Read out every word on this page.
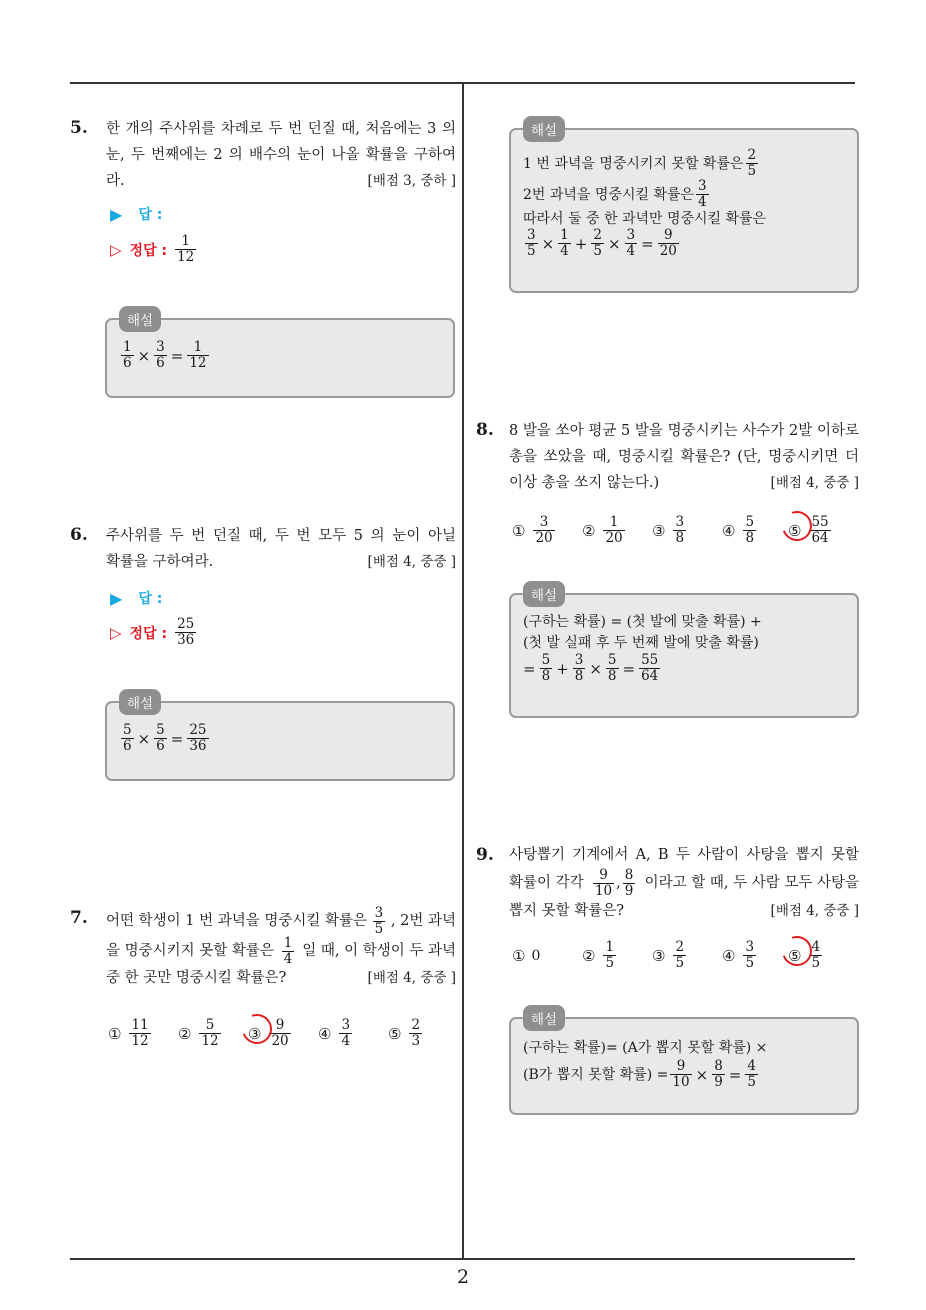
2
5. 한 개의 주사위를 차례로 두 번 던질 때, 처음에는 3 의
눈, 두 번째에는 2 의 배수의 눈이 나올 확률을 구하여
라.	[배점 3, 중하 ]
▶ 답 :
▷ 정답 : $\frac{1}{12}$
해설
$\frac{1}{6} \times \frac{3}{6} = \frac{1}{12}$
6. 주사위를 두 번 던질 때, 두 번 모두 5 의 눈이 아닐
확률을 구하여라.	[배점 4, 중중 ]
▶ 답 :
▷ 정답 : $\frac{25}{36}$
해설
$\frac{5}{6} \times \frac{5}{6} = \frac{25}{36}$
7. 어떤 학생이 1 번 과녁을 명중시킬 확률은 $\frac{3}{5}$ , 2번 과녁
을 명중시키지 못할 확률은 $\frac{1}{4}$ 일 때, 이 학생이 두 과녁
중 한 곳만 명중시킬 확률은?	[배점 4, 중중 ]
① $\frac{11}{12}$ ② $\frac{5}{12}$ ③ $\frac{9}{20}$ ④ $\frac{3}{4}$ ⑤ $\frac{2}{3}$
해설
1 번 과녁을 명중시키지 못할 확률은 $\frac{2}{5}$
2번 과녁을 명중시킬 확률은 $\frac{3}{4}$
따라서 둘 중 한 과녁만 명중시킬 확률은
$\frac{3}{5} \times \frac{1}{4} + \frac{2}{5} \times \frac{3}{4} = \frac{9}{20}$
8. 8 발을 쏘아 평균 5 발을 명중시키는 사수가 2발 이하로
총을 쏘았을 때, 명중시킬 확률은? (단, 명중시키면 더
이상 총을 쏘지 않는다.)	[배점 4, 중중 ]
① $\frac{3}{20}$ ② $\frac{1}{20}$ ③ $\frac{3}{8}$ ④ $\frac{5}{8}$ ⑤ $\frac{55}{64}$
해설
(구하는 확률) = (첫 발에 맞출 확률) +
(첫 발 실패 후 두 번째 발에 맞출 확률)
= $\frac{5}{8} + \frac{3}{8} \times \frac{5}{8} = \frac{55}{64}$
9. 사탕뽑기 기계에서 A, B 두 사람이 사탕을 뽑지 못할
확률이 각각 $\frac{9}{10}$ , $\frac{8}{9}$ 이라고 할 때, 두 사람 모두 사탕을
뽑지 못할 확률은?	[배점 4, 중중 ]
① 0	② $\frac{1}{5}$ ③ $\frac{2}{5}$ ④ $\frac{3}{5}$ ⑤ $\frac{4}{5}$
해설
(구하는 확률)= (A가 뽑지 못할 확률) ×
(B가 뽑지 못할 확률) = $\frac{9}{10} \times \frac{8}{9} = \frac{4}{5}$
